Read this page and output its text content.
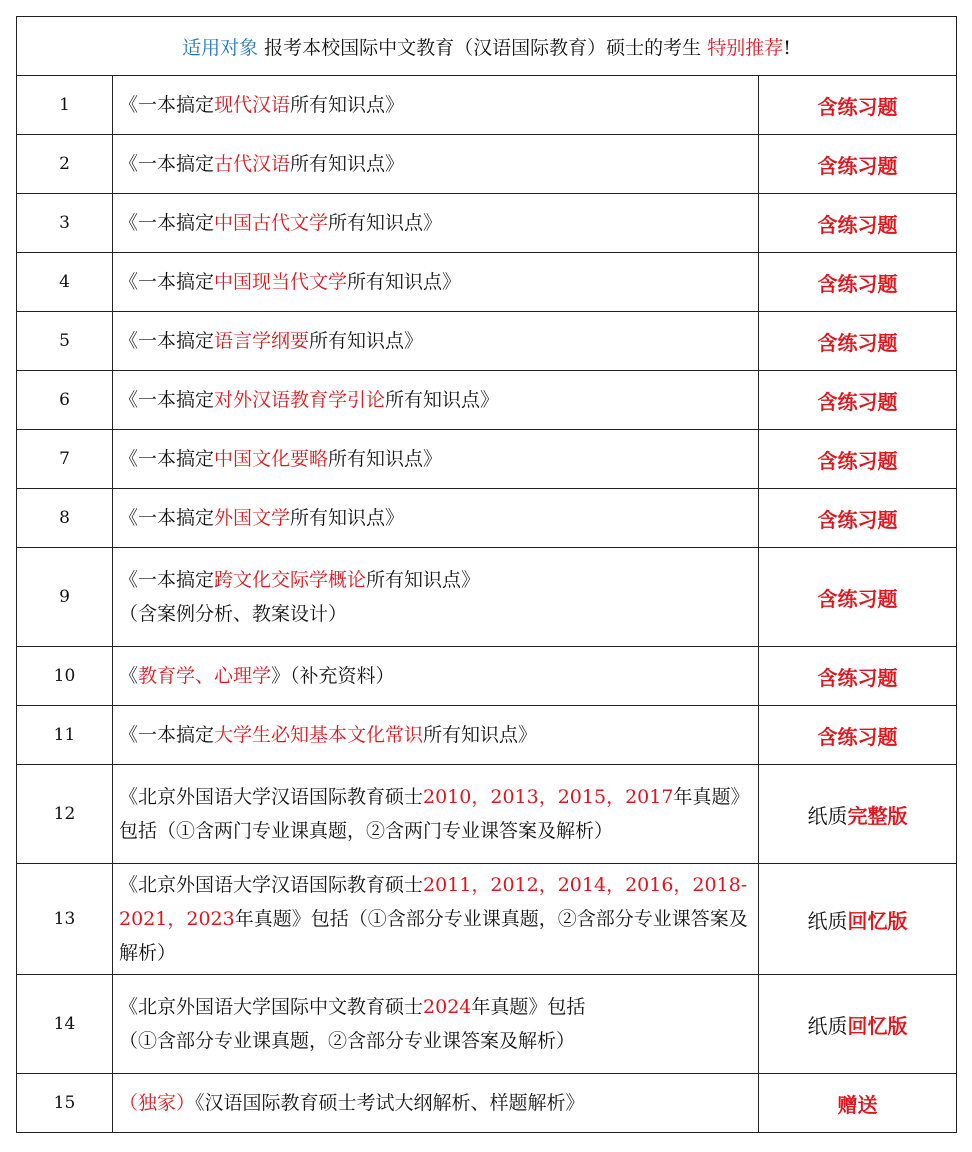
适用对象 报考本校国际中文教育（汉语国际教育）硕士的考生 特别推荐!		
1	《一本搞定现代汉语所有知识点》	含练习题
2	《一本搞定古代汉语所有知识点》	含练习题
3	《一本搞定中国古代文学所有知识点》	含练习题
4	《一本搞定中国现当代文学所有知识点》	含练习题
5	《一本搞定语言学纲要所有知识点》	含练习题
6	《一本搞定对外汉语教育学引论所有知识点》	含练习题
7	《一本搞定中国文化要略所有知识点》	含练习题
8	《一本搞定外国文学所有知识点》	含练习题
9	《一本搞定跨文化交际学概论所有知识点》
（含案例分析、教案设计）	含练习题
10	《教育学、心理学》（补充资料）	含练习题
11	《一本搞定大学生必知基本文化常识所有知识点》	含练习题
12	《北京外国语大学汉语国际教育硕士2010，2013，2015，2017年真题》包括（①含两门专业课真题，②含两门专业课答案及解析）	纸质完整版
13	《北京外国语大学汉语国际教育硕士2011，2012，2014，2016，2018-2021，2023年真题》包括（①含部分专业课真题，②含部分专业课答案及解析）	纸质回忆版
14	《北京外国语大学国际中文教育硕士2024年真题》包括
（①含部分专业课真题，②含部分专业课答案及解析）	纸质回忆版
15	（独家）《汉语国际教育硕士考试大纲解析、样题解析》	赠送
